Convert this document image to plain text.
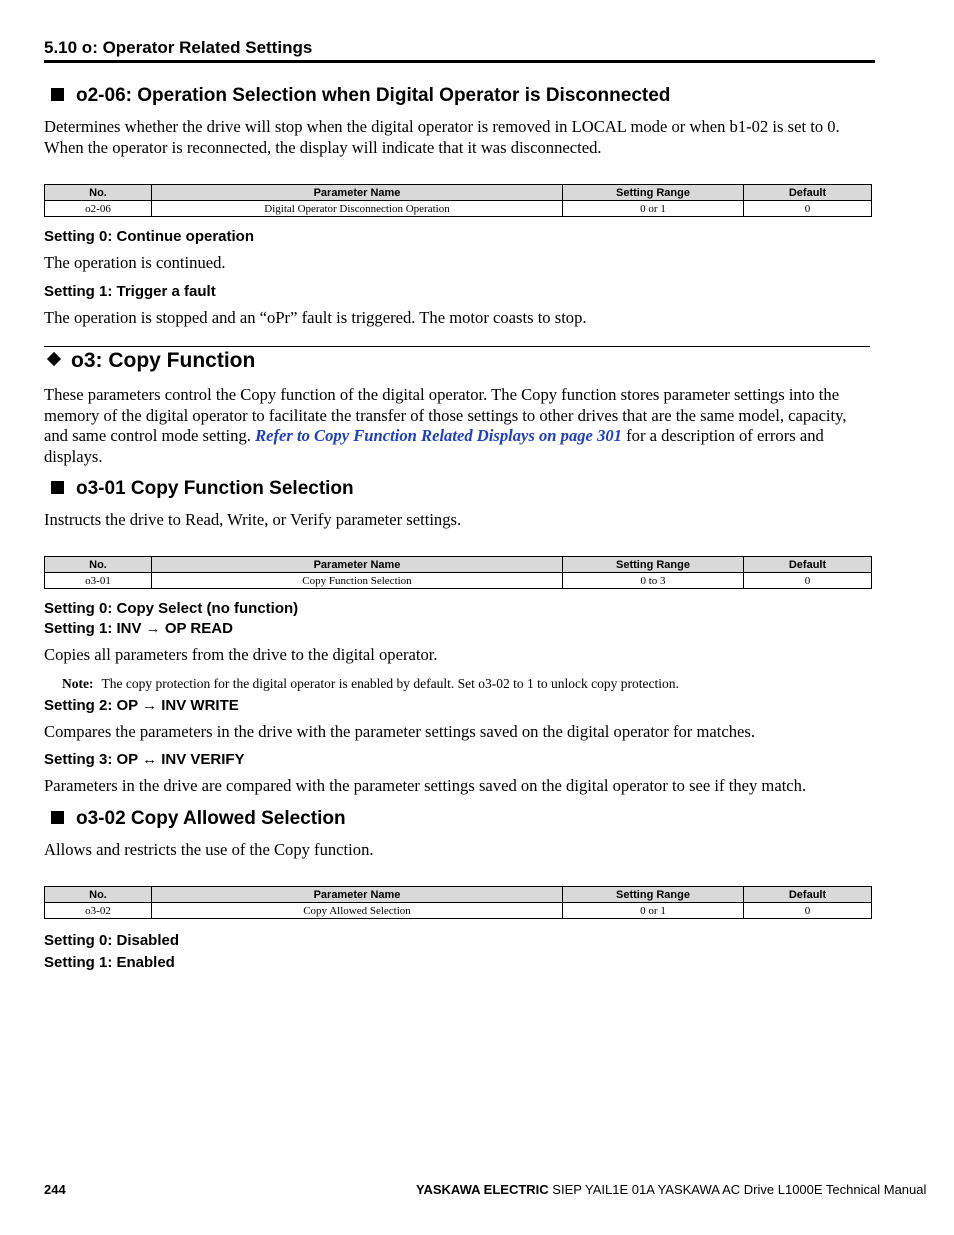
5.10 o: Operator Related Settings
o2-06: Operation Selection when Digital Operator is Disconnected
Determines whether the drive will stop when the digital operator is removed in LOCAL mode or when b1-02 is set to 0.
When the operator is reconnected, the display will indicate that it was disconnected.
No.	Parameter Name	Setting Range	Default
o2-06	Digital Operator Disconnection Operation	0 or 1	0
Setting 0: Continue operation
The operation is continued.
Setting 1: Trigger a fault
The operation is stopped and an “oPr” fault is triggered. The motor coasts to stop.
o3: Copy Function
These parameters control the Copy function of the digital operator. The Copy function stores parameter settings into the
memory of the digital operator to facilitate the transfer of those settings to other drives that are the same model, capacity,
and same control mode setting. Refer to Copy Function Related Displays on page 301 for a description of errors and
displays.
o3-01 Copy Function Selection
Instructs the drive to Read, Write, or Verify parameter settings.
No.	Parameter Name	Setting Range	Default
o3-01	Copy Function Selection	0 to 3	0
Setting 0: Copy Select (no function)
Setting 1: INV → OP READ
Copies all parameters from the drive to the digital operator.
Note: The copy protection for the digital operator is enabled by default. Set o3-02 to 1 to unlock copy protection.
Setting 2: OP → INV WRITE
Compares the parameters in the drive with the parameter settings saved on the digital operator for matches.
Setting 3: OP ↔ INV VERIFY
Parameters in the drive are compared with the parameter settings saved on the digital operator to see if they match.
o3-02 Copy Allowed Selection
Allows and restricts the use of the Copy function.
No.	Parameter Name	Setting Range	Default
o3-02	Copy Allowed Selection	0 or 1	0
Setting 0: Disabled
Setting 1: Enabled
244	YASKAWA ELECTRIC SIEP YAIL1E 01A YASKAWA AC Drive L1000E Technical Manual
